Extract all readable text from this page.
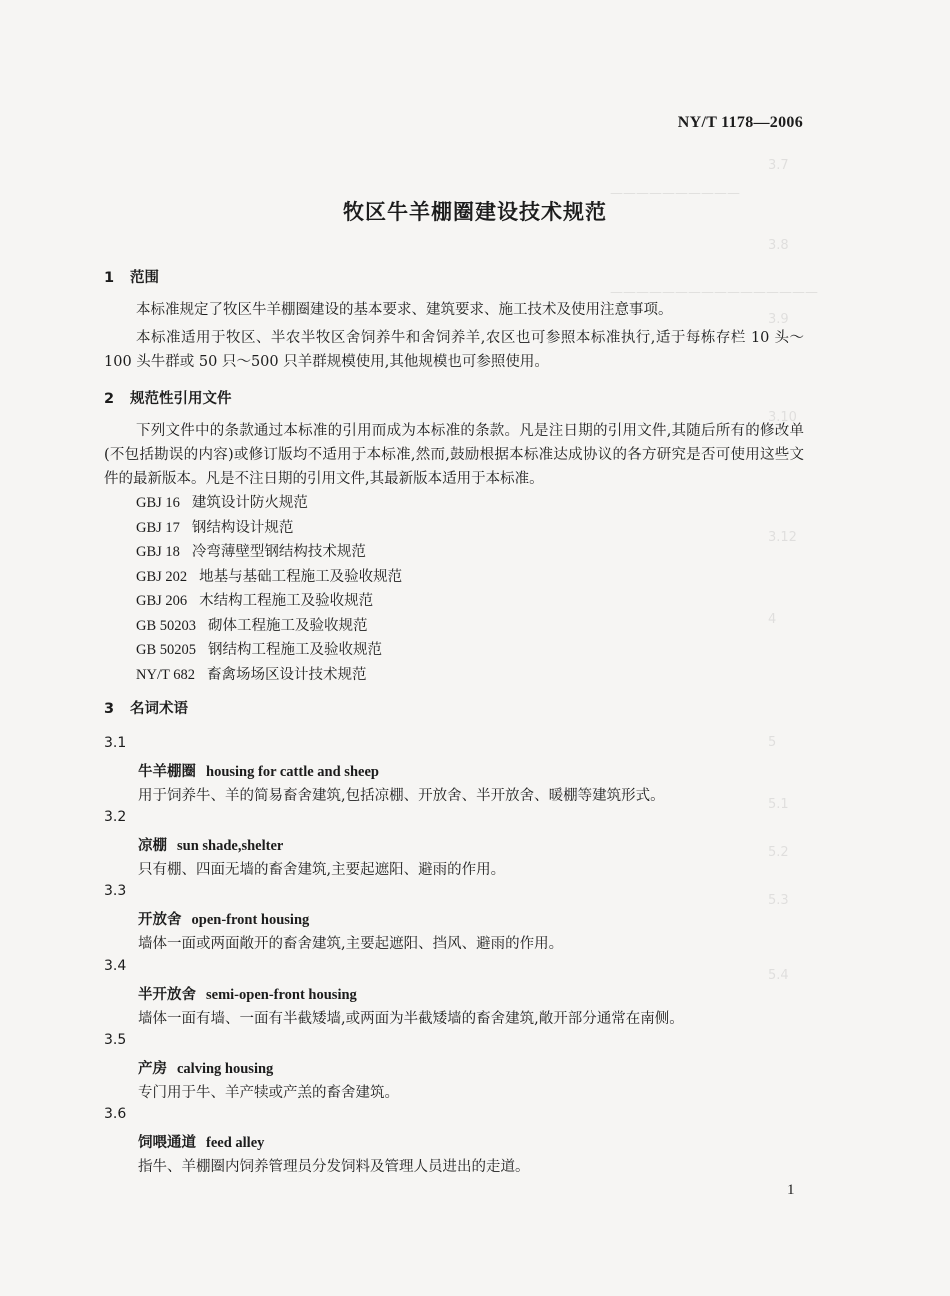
3.7
——————————
3.8
————————————————
3.9
3.10
3.12
4
5
5.1
5.2
5.3
5.4
NY/T 1178—2006
牧区牛羊棚圈建设技术规范
1 范围
本标准规定了牧区牛羊棚圈建设的基本要求、建筑要求、施工技术及使用注意事项。
本标准适用于牧区、半农半牧区舍饲养牛和舍饲养羊,农区也可参照本标准执行,适于每栋存栏 10 头～100 头牛群或 50 只～500 只羊群规模使用,其他规模也可参照使用。
2 规范性引用文件
下列文件中的条款通过本标准的引用而成为本标准的条款。凡是注日期的引用文件,其随后所有的修改单(不包括勘误的内容)或修订版均不适用于本标准,然而,鼓励根据本标准达成协议的各方研究是否可使用这些文件的最新版本。凡是不注日期的引用文件,其最新版本适用于本标准。
GBJ 16 建筑设计防火规范
GBJ 17 钢结构设计规范
GBJ 18 冷弯薄壁型钢结构技术规范
GBJ 202 地基与基础工程施工及验收规范
GBJ 206 木结构工程施工及验收规范
GB 50203 砌体工程施工及验收规范
GB 50205 钢结构工程施工及验收规范
NY/T 682 畜禽场场区设计技术规范
3 名词术语
3.1
牛羊棚圈 housing for cattle and sheep
用于饲养牛、羊的简易畜舍建筑,包括凉棚、开放舍、半开放舍、暖棚等建筑形式。
3.2
凉棚 sun shade,shelter
只有棚、四面无墙的畜舍建筑,主要起遮阳、避雨的作用。
3.3
开放舍 open-front housing
墙体一面或两面敞开的畜舍建筑,主要起遮阳、挡风、避雨的作用。
3.4
半开放舍 semi-open-front housing
墙体一面有墙、一面有半截矮墙,或两面为半截矮墙的畜舍建筑,敞开部分通常在南侧。
3.5
产房 calving housing
专门用于牛、羊产犊或产羔的畜舍建筑。
3.6
饲喂通道 feed alley
指牛、羊棚圈内饲养管理员分发饲料及管理人员进出的走道。
1
